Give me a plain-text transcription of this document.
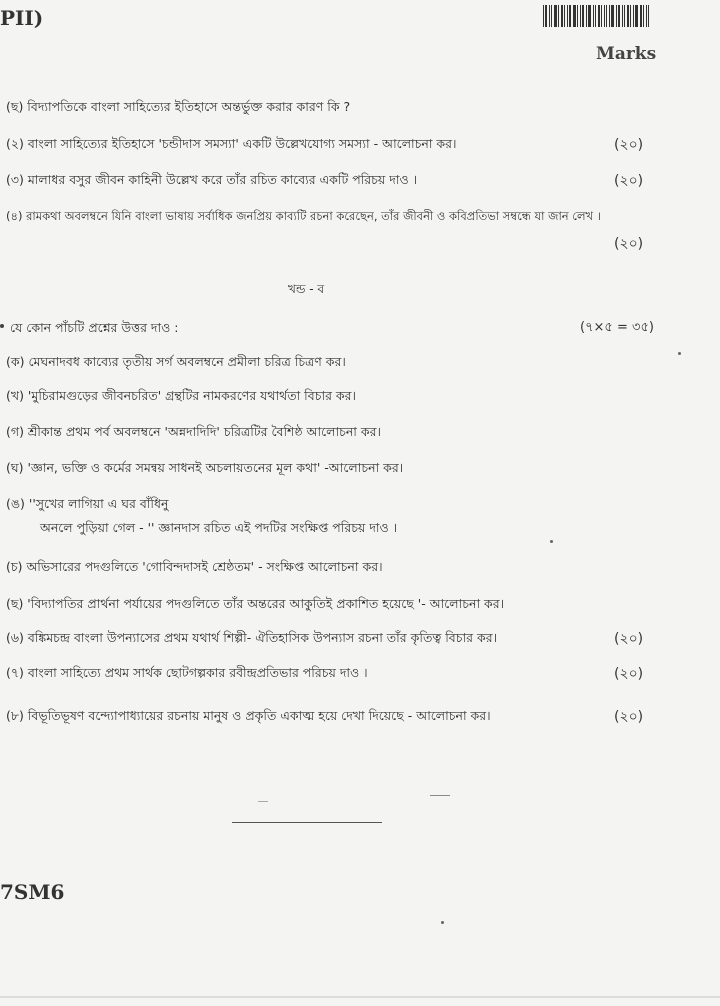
PII)
Marks
(ছ) বিদ্যাপতিকে বাংলা সাহিত্যের ইতিহাসে অন্তর্ভুক্ত করার কারণ কি ?
(২) বাংলা সাহিত্যের ইতিহাসে 'চন্ডীদাস সমস্যা' একটি উল্লেখযোগ্য সমস্যা - আলোচনা কর।	(২০)
(৩) মালাধর বসুর জীবন কাহিনী উল্লেখ করে তাঁর রচিত কাব্যের একটি পরিচয় দাও ।	(২০)
(৪) রামকথা অবলম্বনে যিনি বাংলা ভাষায় সর্বাধিক জনপ্রিয় কাব্যটি রচনা করেছেন, তাঁর জীবনী ও কবিপ্রতিভা সম্বন্ধে যা জান লেখ ।
(২০)
খন্ড - ব
যে কোন পাঁচটি প্রশ্নের উত্তর দাও :	(৭×৫ = ৩৫)
(ক) মেঘনাদবধ কাব্যের তৃতীয় সর্গ অবলম্বনে প্রমীলা চরিত্র চিত্রণ কর।
(খ) 'মুচিরামগুড়ের জীবনচরিত' গ্রন্থটির নামকরণের যথার্থতা বিচার কর।
(গ) শ্রীকান্ত প্রথম পর্ব অবলম্বনে 'অন্নদাদিদি' চরিত্রটির বৈশিষ্ঠ আলোচনা কর।
(ঘ) 'জ্ঞান, ভক্তি ও কর্মের সমন্বয় সাধনই অচলায়তনের মূল কথা' -আলোচনা কর।
(ঙ) ''সুখের লাগিয়া এ ঘর বাঁধিনু
অনলে পুড়িয়া গেল - '' জ্ঞানদাস রচিত এই পদটির সংক্ষিপ্ত পরিচয় দাও ।
(চ) অভিসারের পদগুলিতে 'গোবিন্দদাসই শ্রেষ্ঠতম' - সংক্ষিপ্ত আলোচনা কর।
(ছ) 'বিদ্যাপতির প্রার্থনা পর্যায়ের পদগুলিতে তাঁর অন্তরের আকুতিই প্রকাশিত হয়েছে '- আলোচনা কর।
(৬) বঙ্কিমচন্দ্র বাংলা উপন্যাসের প্রথম যথার্থ শিল্পী- ঐতিহাসিক উপন্যাস রচনা তাঁর কৃতিত্ব বিচার কর।	(২০)
(৭) বাংলা সাহিত্যে প্রথম সার্থক ছোটগল্পকার রবীন্দ্রপ্রতিভার পরিচয় দাও ।	(২০)
(৮) বিভূতিভূষণ বন্দ্যোপাধ্যায়ের রচনায় মানুষ ও প্রকৃতি একাত্ম হয়ে দেখা দিয়েছে - আলোচনা কর।	(২০)
7SM6
